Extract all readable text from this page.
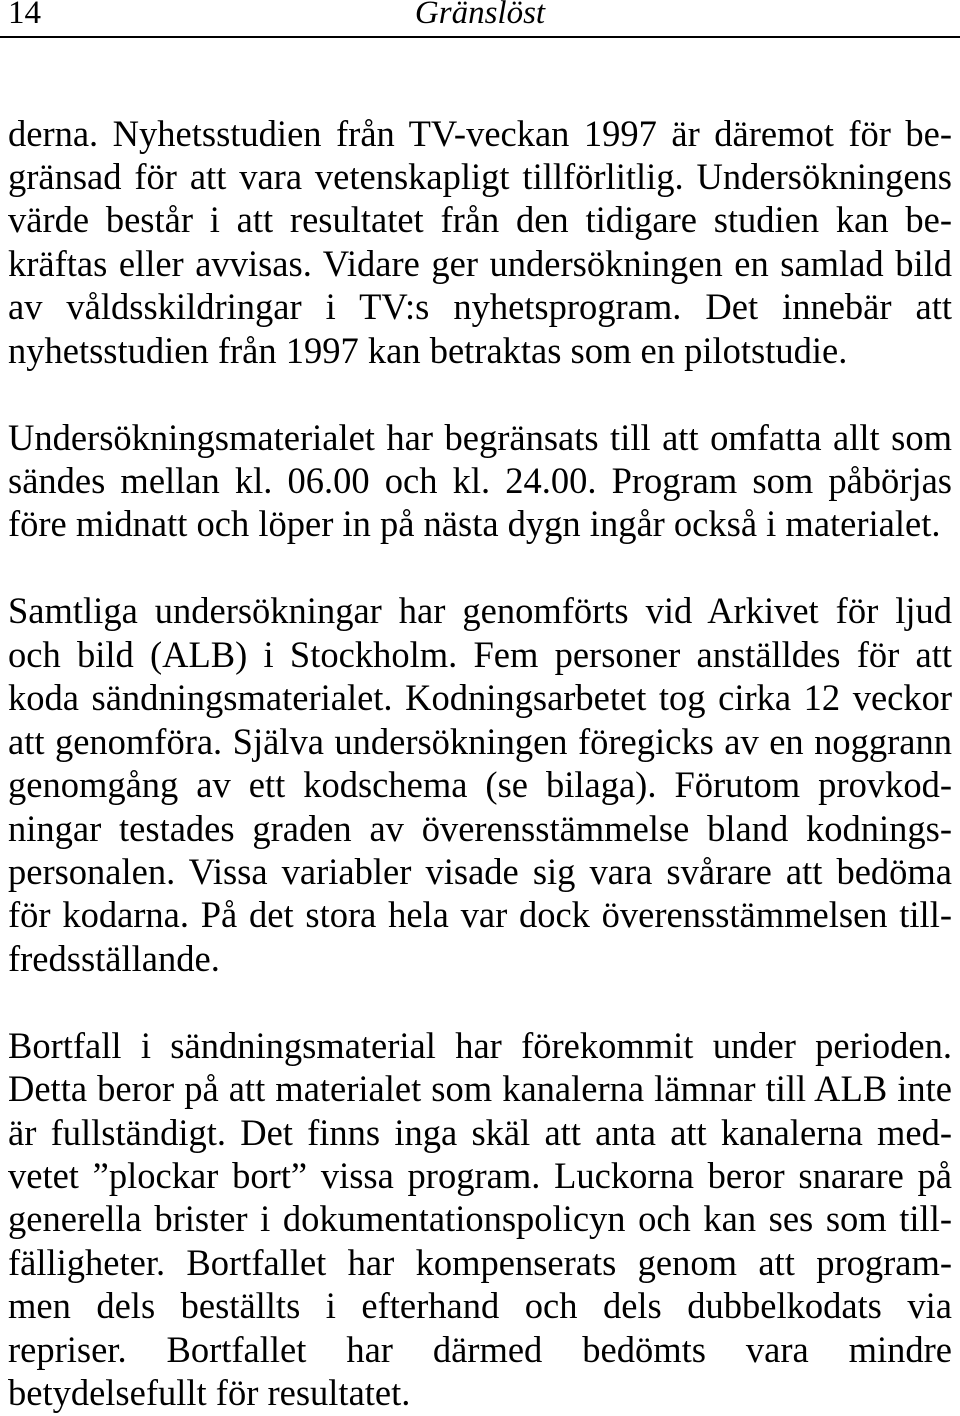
14	Gränslöst
derna. Nyhetsstudien från TV-veckan 1997 är däremot för be-
gränsad för att vara vetenskapligt tillförlitlig. Undersökningens
värde består i att resultatet från den tidigare studien kan be-
kräftas eller avvisas. Vidare ger undersökningen en samlad bild
av våldsskildringar i TV:s nyhetsprogram. Det innebär att
nyhetsstudien från 1997 kan betraktas som en pilotstudie.
Undersökningsmaterialet har begränsats till att omfatta allt som
sändes mellan kl. 06.00 och kl. 24.00. Program som påbörjas
före midnatt och löper in på nästa dygn ingår också i materialet.
Samtliga undersökningar har genomförts vid Arkivet för ljud
och bild (ALB) i Stockholm. Fem personer anställdes för att
koda sändningsmaterialet. Kodningsarbetet tog cirka 12 veckor
att genomföra. Själva undersökningen föregicks av en noggrann
genomgång av ett kodschema (se bilaga). Förutom provkod-
ningar testades graden av överensstämmelse bland kodnings-
personalen. Vissa variabler visade sig vara svårare att bedöma
för kodarna. På det stora hela var dock överensstämmelsen till-
fredsställande.
Bortfall i sändningsmaterial har förekommit under perioden.
Detta beror på att materialet som kanalerna lämnar till ALB inte
är fullständigt. Det finns inga skäl att anta att kanalerna med-
vetet ”plockar bort” vissa program. Luckorna beror snarare på
generella brister i dokumentationspolicyn och kan ses som till-
fälligheter. Bortfallet har kompenserats genom att program-
men dels beställts i efterhand och dels dubbelkodats via
repriser. Bortfallet har därmed bedömts vara mindre
betydelsefullt för resultatet.
